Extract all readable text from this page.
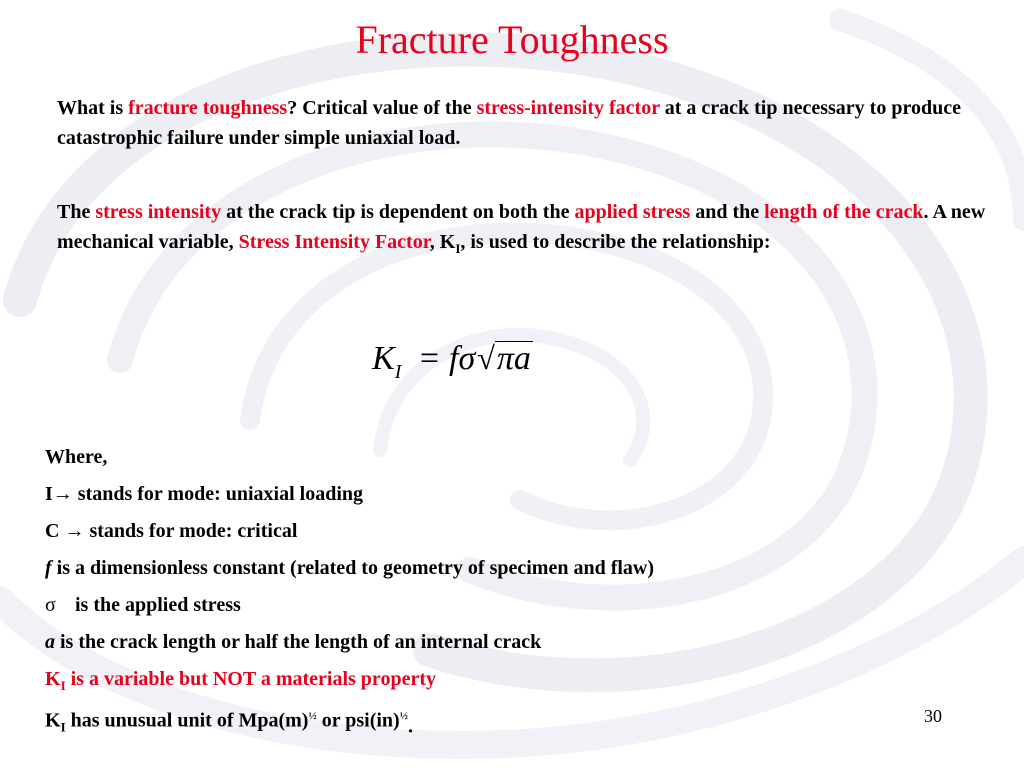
Fracture Toughness
What is fracture toughness? Critical value of the stress-intensity factor at a crack tip necessary to produce catastrophic failure under simple uniaxial load.
The stress intensity at the crack tip is dependent on both the applied stress and the length of the crack. A new mechanical variable, Stress Intensity Factor, $K_I$, is used to describe the relationship:
$K_I = f\sigma√\pi a$
Where,
I→ stands for mode: uniaxial loading
C → stands for mode: critical
f is a dimensionless constant (related to geometry of specimen and flaw)
σ is the applied stress
a is the crack length or half the length of an internal crack
$K_I$ is a variable but NOT a materials property
$K_I$ has unusual unit of $Mpa(m)^{\frac{1}{2}}$ or psi(in)$^{\frac{1}{2}}$.	30
